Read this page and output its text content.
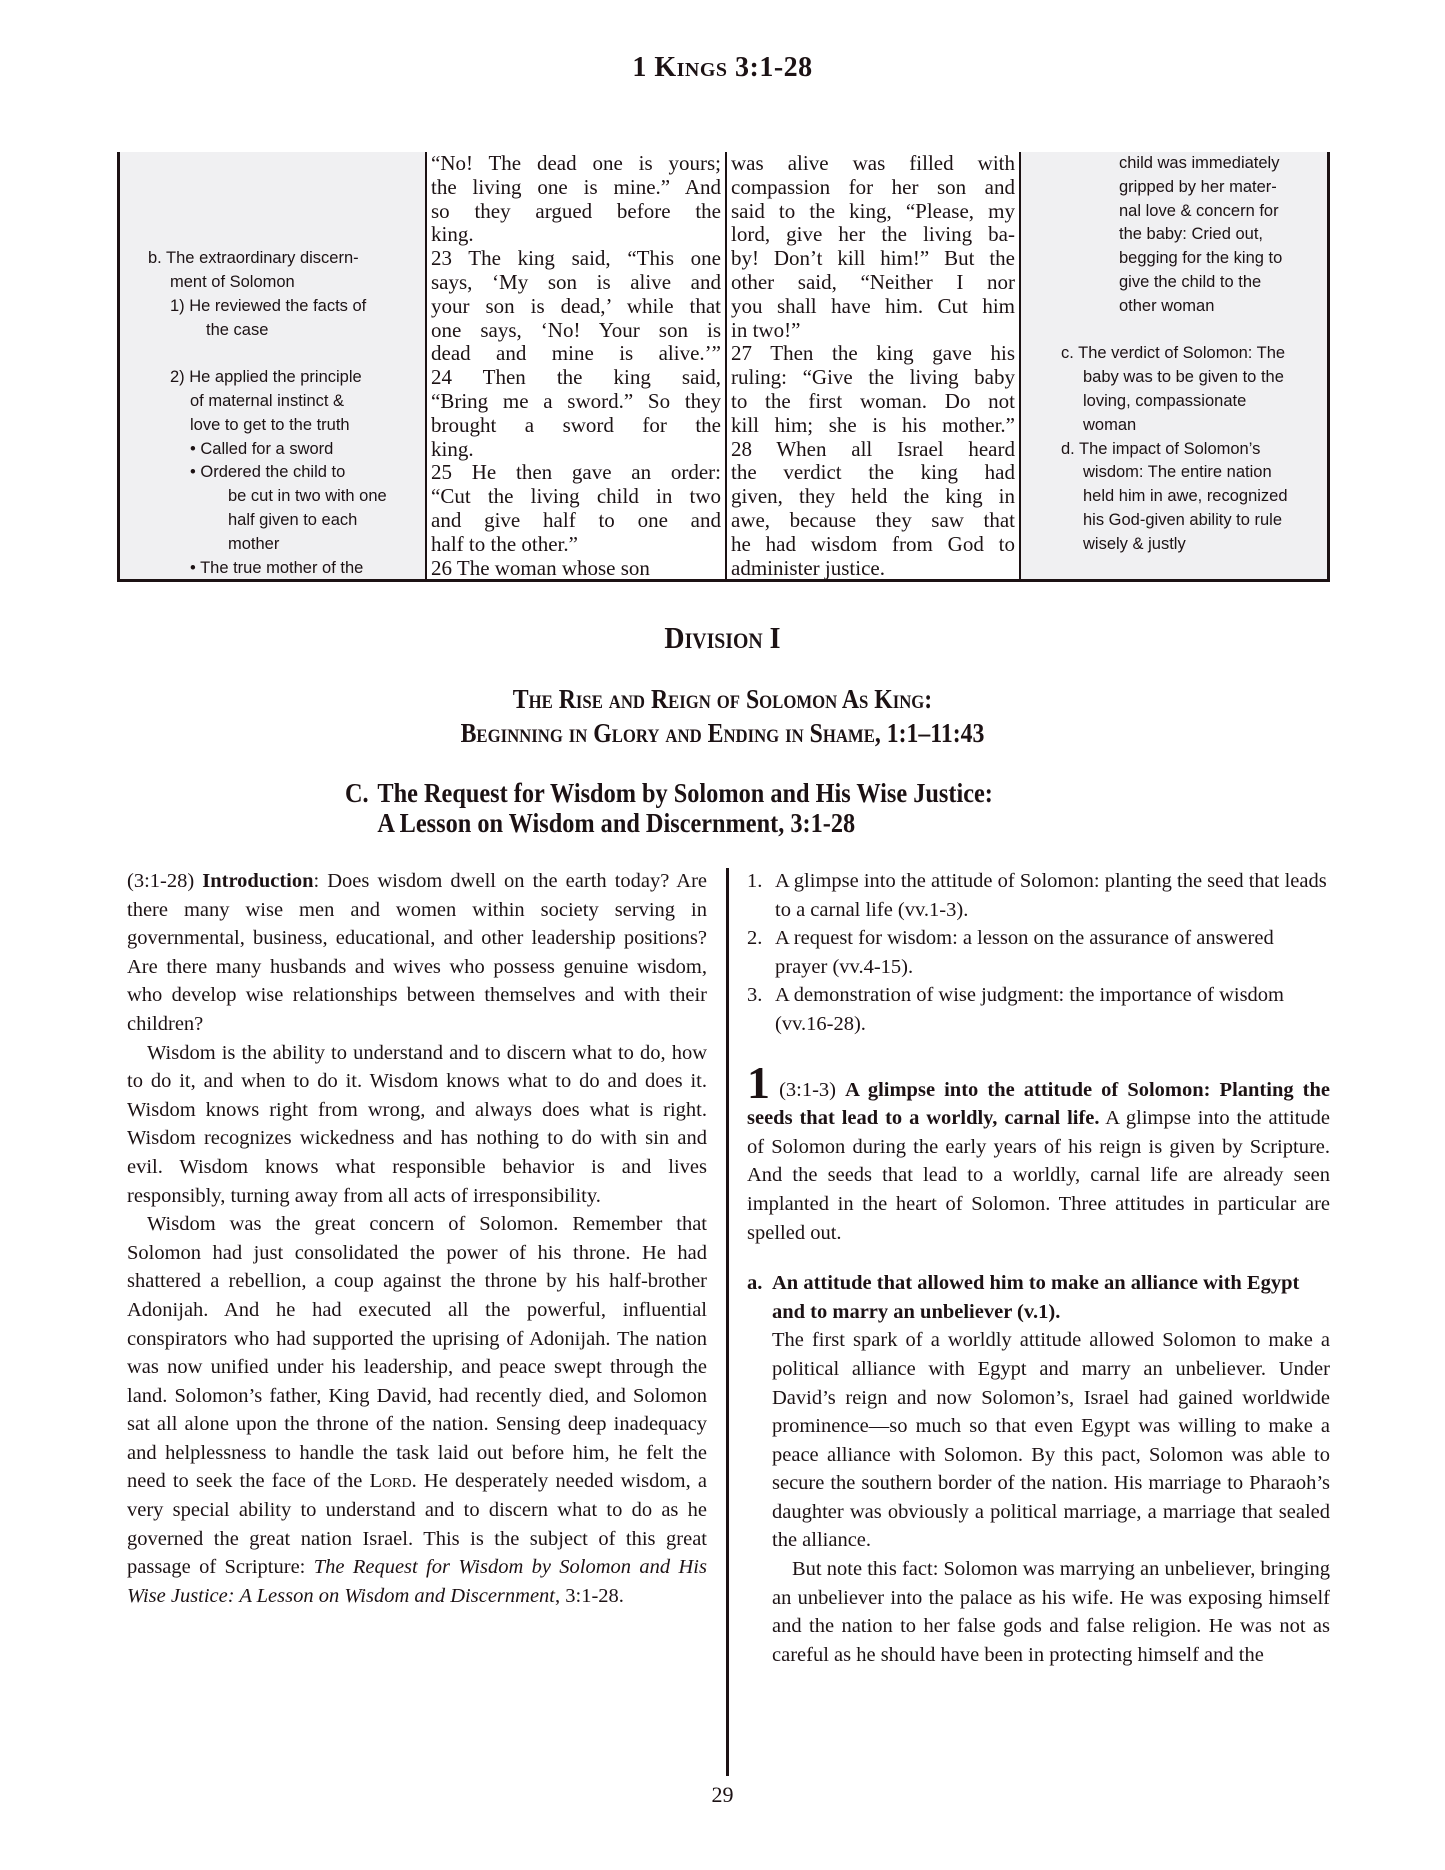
1 Kings 3:1-28

b. The extraordinary discern-
ment of Solomon
1) He reviewed the facts of
the case

2) He applied the principle
of maternal instinct &
love to get to the truth
• Called for a sword
• Ordered the child to
be cut in two with one
half given to each
mother
• The true mother of the
“No! The dead one is yours;
the living one is mine.” And
so they argued before the
king.
23 The king said, “This one
says, ‘My son is alive and
your son is dead,’ while that
one says, ‘No! Your son is
dead and mine is alive.’”
24 Then the king said,
“Bring me a sword.” So they
brought a sword for the
king.
25 He then gave an order:
“Cut the living child in two
and give half to one and
half to the other.”
26 The woman whose son
was alive was filled with
compassion for her son and
said to the king, “Please, my
lord, give her the living ba-
by! Don’t kill him!” But the
other said, “Neither I nor
you shall have him. Cut him
in two!”
27 Then the king gave his
ruling: “Give the living baby
to the first woman. Do not
kill him; she is his mother.”
28 When all Israel heard
the verdict the king had
given, they held the king in
awe, because they saw that
he had wisdom from God to
administer justice.
child was immediately
gripped by her mater-
nal love & concern for
the baby: Cried out,
begging for the king to
give the child to the
other woman

c. The verdict of Solomon: The
baby was to be given to the
loving, compassionate
woman
d. The impact of Solomon’s
wisdom: The entire nation
held him in awe, recognized
his God-given ability to rule
wisely & justly
Division I
The Rise and Reign of Solomon As King:
Beginning in Glory and Ending in Shame, 1:1–11:43
C. The Request for Wisdom by Solomon and His Wise Justice:
A Lesson on Wisdom and Discernment, 3:1-28

(3:1-28) Introduction: Does wisdom dwell on the earth today? Are there many wise men and women within society serving in governmental, business, educational, and other leadership positions? Are there many husbands and wives who possess genuine wisdom, who develop wise relationships between themselves and with their children?

Wisdom is the ability to understand and to discern what to do, how to do it, and when to do it. Wisdom knows what to do and does it. Wisdom knows right from wrong, and always does what is right. Wisdom recognizes wickedness and has nothing to do with sin and evil. Wisdom knows what responsible behavior is and lives responsibly, turning away from all acts of irresponsibility.

Wisdom was the great concern of Solomon. Remember that Solomon had just consolidated the power of his throne. He had shattered a rebellion, a coup against the throne by his half-brother Adonijah. And he had executed all the powerful, influential conspirators who had supported the uprising of Adonijah. The nation was now unified under his leadership, and peace swept through the land. Solomon’s father, King David, had recently died, and Solomon sat all alone upon the throne of the nation. Sensing deep inadequacy and helplessness to handle the task laid out before him, he felt the need to seek the face of the Lord. He desperately needed wisdom, a very special ability to understand and to discern what to do as he governed the great nation Israel. This is the subject of this great passage of Scripture: The Request for Wisdom by Solomon and His Wise Justice: A Lesson on Wisdom and Discernment, 3:1-28.

1. A glimpse into the attitude of Solomon: planting the seed that leads to a carnal life (vv.1-3).
2. A request for wisdom: a lesson on the assurance of answered prayer (vv.4-15).
3. A demonstration of wise judgment: the importance of wisdom (vv.16-28).

1 (3:1-3) A glimpse into the attitude of Solomon: Planting the seeds that lead to a worldly, carnal life. A glimpse into the attitude of Solomon during the early years of his reign is given by Scripture. And the seeds that lead to a worldly, carnal life are already seen implanted in the heart of Solomon. Three attitudes in particular are spelled out.

a. An attitude that allowed him to make an alliance with Egypt and to marry an unbeliever (v.1).

The first spark of a worldly attitude allowed Solomon to make a political alliance with Egypt and marry an unbeliever. Under David’s reign and now Solomon’s, Israel had gained worldwide prominence—so much so that even Egypt was willing to make a peace alliance with Solomon. By this pact, Solomon was able to secure the southern border of the nation. His marriage to Pharaoh’s daughter was obviously a political marriage, a marriage that sealed the alliance.

But note this fact: Solomon was marrying an unbeliever, bringing an unbeliever into the palace as his wife. He was exposing himself and the nation to her false gods and false religion. He was not as careful as he should have been in protecting himself and the

29
